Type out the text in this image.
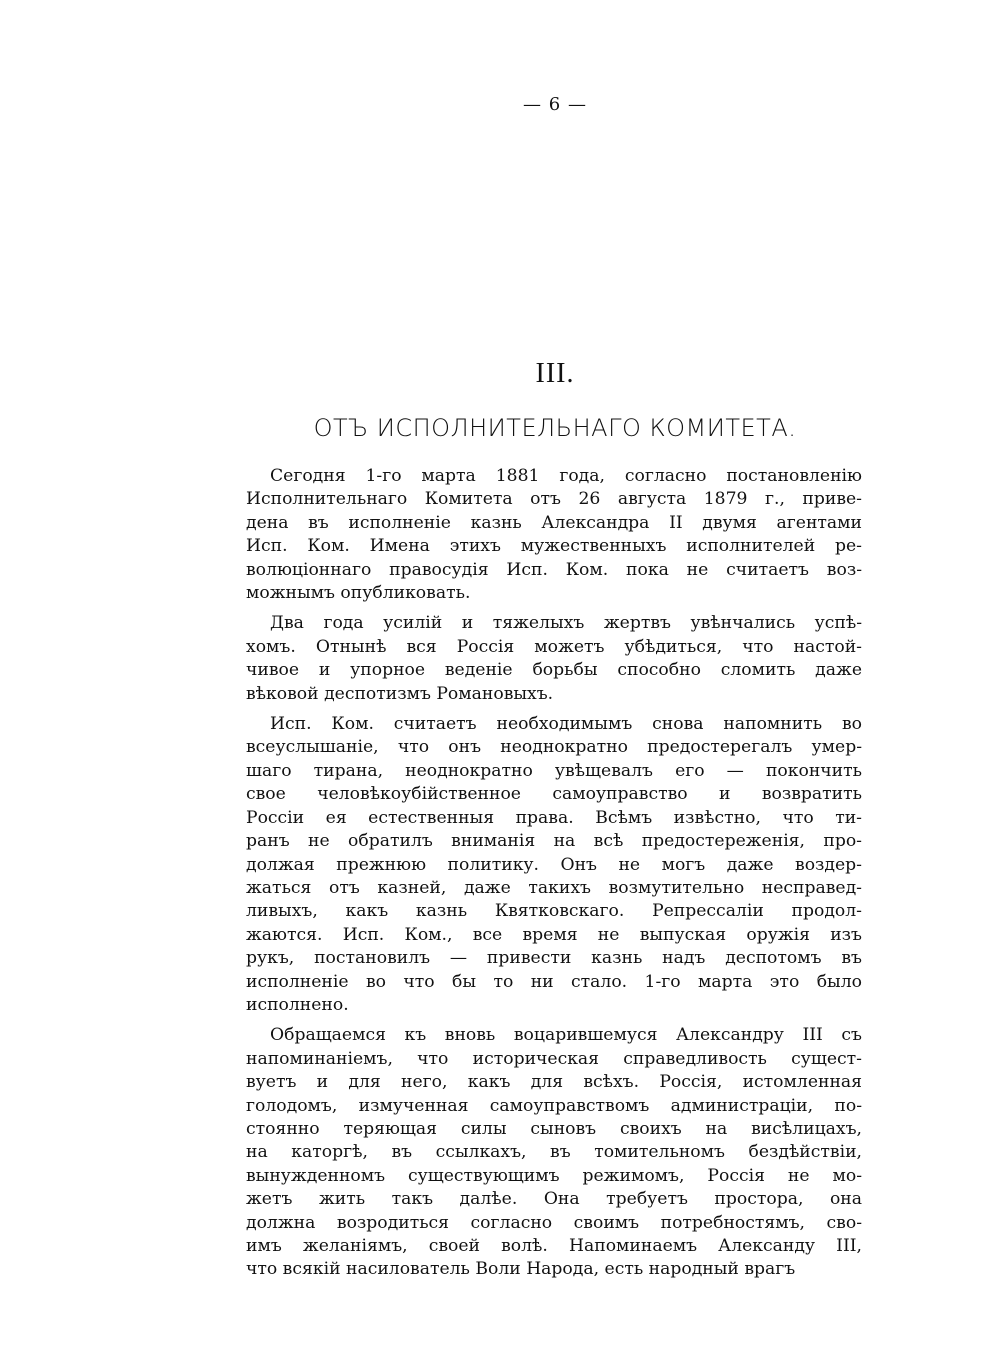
— 6 —
III.
ОТЪ ИСПОЛНИТЕЛЬНАГО КОМИТЕТА.
Сегодня 1-го марта 1881 года, согласно постановленію
Исполнительнаго Комитета отъ 26 августа 1879 г., приве-
дена въ исполненіе казнь Александра II двумя агентами
Исп. Ком. Имена этихъ мужественныхъ исполнителей ре-
волюціоннаго правосудія Исп. Ком. пока не считаетъ воз-
можнымъ опубликовать.
Два года усилій и тяжелыхъ жертвъ увѣнчались успѣ-
хомъ. Отнынѣ вся Россія можетъ убѣдиться, что настой-
чивое и упорное веденіе борьбы способно сломить даже
вѣковой деспотизмъ Романовыхъ.
Исп. Ком. считаетъ необходимымъ снова напомнить во
всеуслышаніе, что онъ неоднократно предостерегалъ умер-
шаго тирана, неоднократно увѣщевалъ его — покончить
свое человѣкоубійственное самоуправство и возвратить
Россіи ея естественныя права. Всѣмъ извѣстно, что ти-
ранъ не обратилъ вниманія на всѣ предостереженія, про-
должая прежнюю политику. Онъ не могъ даже воздер-
жаться отъ казней, даже такихъ возмутительно несправед-
ливыхъ, какъ казнь Квятковскаго. Репрессаліи продол-
жаются. Исп. Ком., все время не выпуская оружія изъ
рукъ, постановилъ — привести казнь надъ деспотомъ въ
исполненіе во что бы то ни стало. 1-го марта это было
исполнено.
Обращаемся къ вновь воцарившемуся Александру III съ
напоминаніемъ, что историческая справедливость сущест-
вуетъ и для него, какъ для всѣхъ. Россія, истомленная
голодомъ, измученная самоуправствомъ администраціи, по-
стоянно теряющая силы сыновъ своихъ на висѣлицахъ,
на каторгѣ, въ ссылкахъ, въ томительномъ бездѣйствіи,
вынужденномъ существующимъ режимомъ, Россія не мо-
жетъ жить такъ далѣе. Она требуетъ простора, она
должна возродиться согласно своимъ потребностямъ, сво-
имъ желаніямъ, своей волѣ. Напоминаемъ Александу III,
что всякій насилователь Воли Народа, есть народный врагъ
